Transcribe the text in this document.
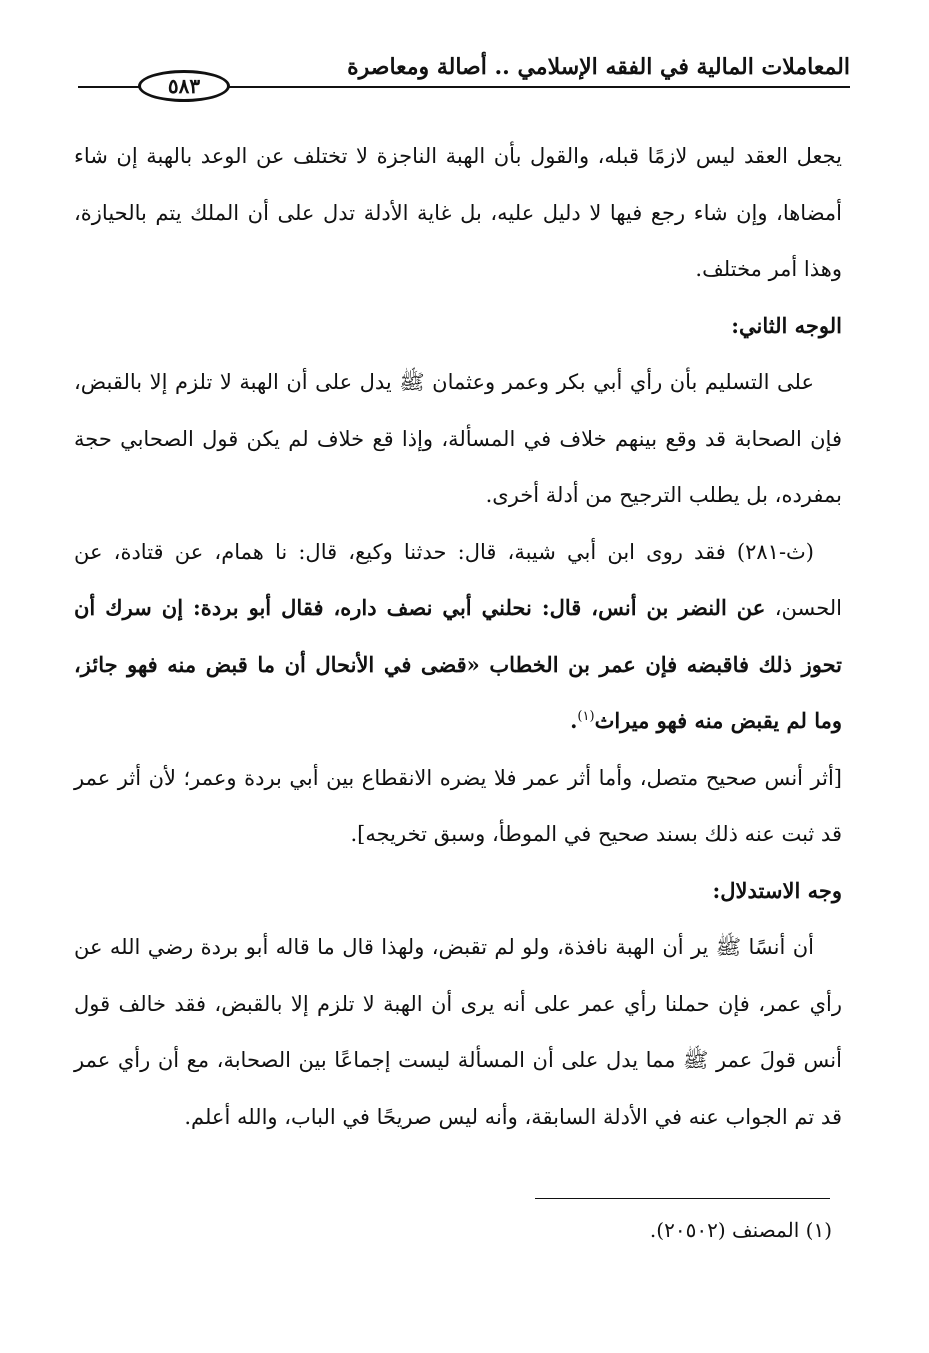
المعاملات المالية في الفقه الإسلامي .. أصالة ومعاصرة
٥٨٣

يجعل العقد ليس لازمًا قبله، والقول بأن الهبة الناجزة لا تختلف عن الوعد بالهبة إن شاء أمضاها، وإن شاء رجع فيها لا دليل عليه، بل غاية الأدلة تدل على أن الملك يتم بالحيازة، وهذا أمر مختلف.

الوجه الثاني:

على التسليم بأن رأي أبي بكر وعمر وعثمان ﷺ يدل على أن الهبة لا تلزم إلا بالقبض، فإن الصحابة قد وقع بينهم خلاف في المسألة، وإذا قع خلاف لم يكن قول الصحابي حجة بمفرده، بل يطلب الترجيح من أدلة أخرى.

(ث-٢٨١) فقد روى ابن أبي شيبة، قال: حدثنا وكيع، قال: نا همام، عن قتادة، عن الحسن، عن النضر بن أنس، قال: نحلني أبي نصف داره، فقال أبو بردة: إن سرك أن تحوز ذلك فاقبضه فإن عمر بن الخطاب «قضى في الأنحال أن ما قبض منه فهو جائز، وما لم يقبض منه فهو ميراث$^{(١)}$.

[أثر أنس صحيح متصل، وأما أثر عمر فلا يضره الانقطاع بين أبي بردة وعمر؛ لأن أثر عمر قد ثبت عنه ذلك بسند صحيح في الموطأ، وسبق تخريجه].

وجه الاستدلال:

أن أنسًا ﷺ ير أن الهبة نافذة، ولو لم تقبض، ولهذا قال ما قاله أبو بردة رضي الله عن رأي عمر، فإن حملنا رأي عمر على أنه يرى أن الهبة لا تلزم إلا بالقبض، فقد خالف قول أنس قولَ عمر ﷺ مما يدل على أن المسألة ليست إجماعًا بين الصحابة، مع أن رأي عمر قد تم الجواب عنه في الأدلة السابقة، وأنه ليس صريحًا في الباب، والله أعلم.

(١) المصنف (٢٠٥٠٢).
